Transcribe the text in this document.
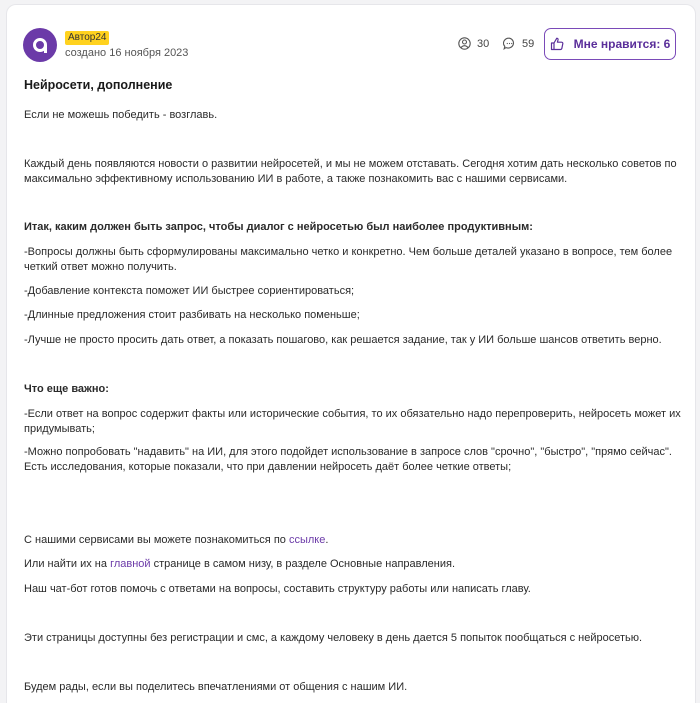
Автор24
создано 16 ноября 2023
30	59	Мне нравится: 6
Нейросети, дополнение

Если не можешь победить - возглавь.

Каждый день появляются новости о развитии нейросетей, и мы не можем отставать. Сегодня хотим дать несколько советов по максимально эффективному использованию ИИ в работе, а также познакомить вас с нашими сервисами.

Итак, каким должен быть запрос, чтобы диалог с нейросетью был наиболее продуктивным:

-Вопросы должны быть сформулированы максимально четко и конкретно. Чем больше деталей указано в вопросе, тем более четкий ответ можно получить.

-Добавление контекста поможет ИИ быстрее сориентироваться;

-Длинные предложения стоит разбивать на несколько поменьше;

-Лучше не просто просить дать ответ, а показать пошагово, как решается задание, так у ИИ больше шансов ответить верно.

Что еще важно:

-Если ответ на вопрос содержит факты или исторические события, то их обязательно надо перепроверить, нейросеть может их придумывать;

-Можно попробовать "надавить" на ИИ, для этого подойдет использование в запросе слов "срочно", "быстро", "прямо сейчас". Есть исследования, которые показали, что при давлении нейросеть даёт более четкие ответы;

С нашими сервисами вы можете познакомиться по ссылке.

Или найти их на главной странице в самом низу, в разделе Основные направления.

Наш чат-бот готов помочь с ответами на вопросы, составить структуру работы или написать главу.

Эти страницы доступны без регистрации и смс, а каждому человеку в день дается 5 попыток пообщаться с нейросетью.

Будем рады, если вы поделитесь впечатлениями от общения с нашим ИИ.
